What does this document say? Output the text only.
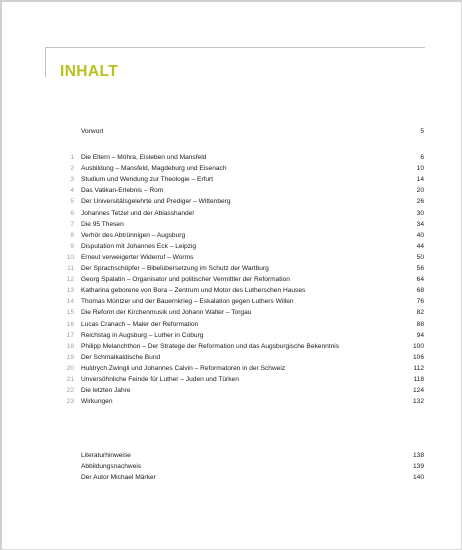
INHALT
Vorwort	5
1 Die Eltern – Möhra, Eisleben und Mansfeld	6
2 Ausbildung – Mansfeld, Magdeburg und Eisenach	10
3 Studium und Wendung zur Theologie – Erfurt	14
4 Das Vatikan-Erlebnis – Rom	20
5 Der Universitätsgelehrte und Prediger – Wittenberg	26
6 Johannes Tetzel und der Ablasshandel	30
7 Die 95 Thesen	34
8 Verhör des Abtrünnigen – Augsburg	40
9 Disputation mit Johannes Eck – Leipzig	44
10 Erneut verweigerter Widerruf – Worms	50
11 Der Sprachschöpfer – Bibelübersetzung im Schutz der Wartburg	56
12 Georg Spalatin – Organisator und politischer Vermittler der Reformation	64
13 Katharina geborene von Bora – Zentrum und Motor des Lutherschen Hauses	68
14 Thomas Müntzer und der Bauernkrieg – Eskalation gegen Luthers Willen	76
15 Die Reform der Kirchenmusik und Johann Walter – Torgau	82
16 Lucas Cranach – Maler der Reformation	88
17 Reichstag in Augsburg – Luther in Coburg	94
18 Philipp Melanchthon – Der Stratege der Reformation und das Augsburgische Bekenntnis	100
19 Der Schmalkaldische Bund	106
20 Huldrych Zwingli und Johannes Calvin – Reformatoren in der Schweiz	112
21 Unversöhnliche Feinde für Luther – Juden und Türken	118
22 Die letzten Jahre	124
23 Wirkungen	132
Literaturhinweise	138
Abbildungsnachweis	139
Der Autor Michael Märker	140
